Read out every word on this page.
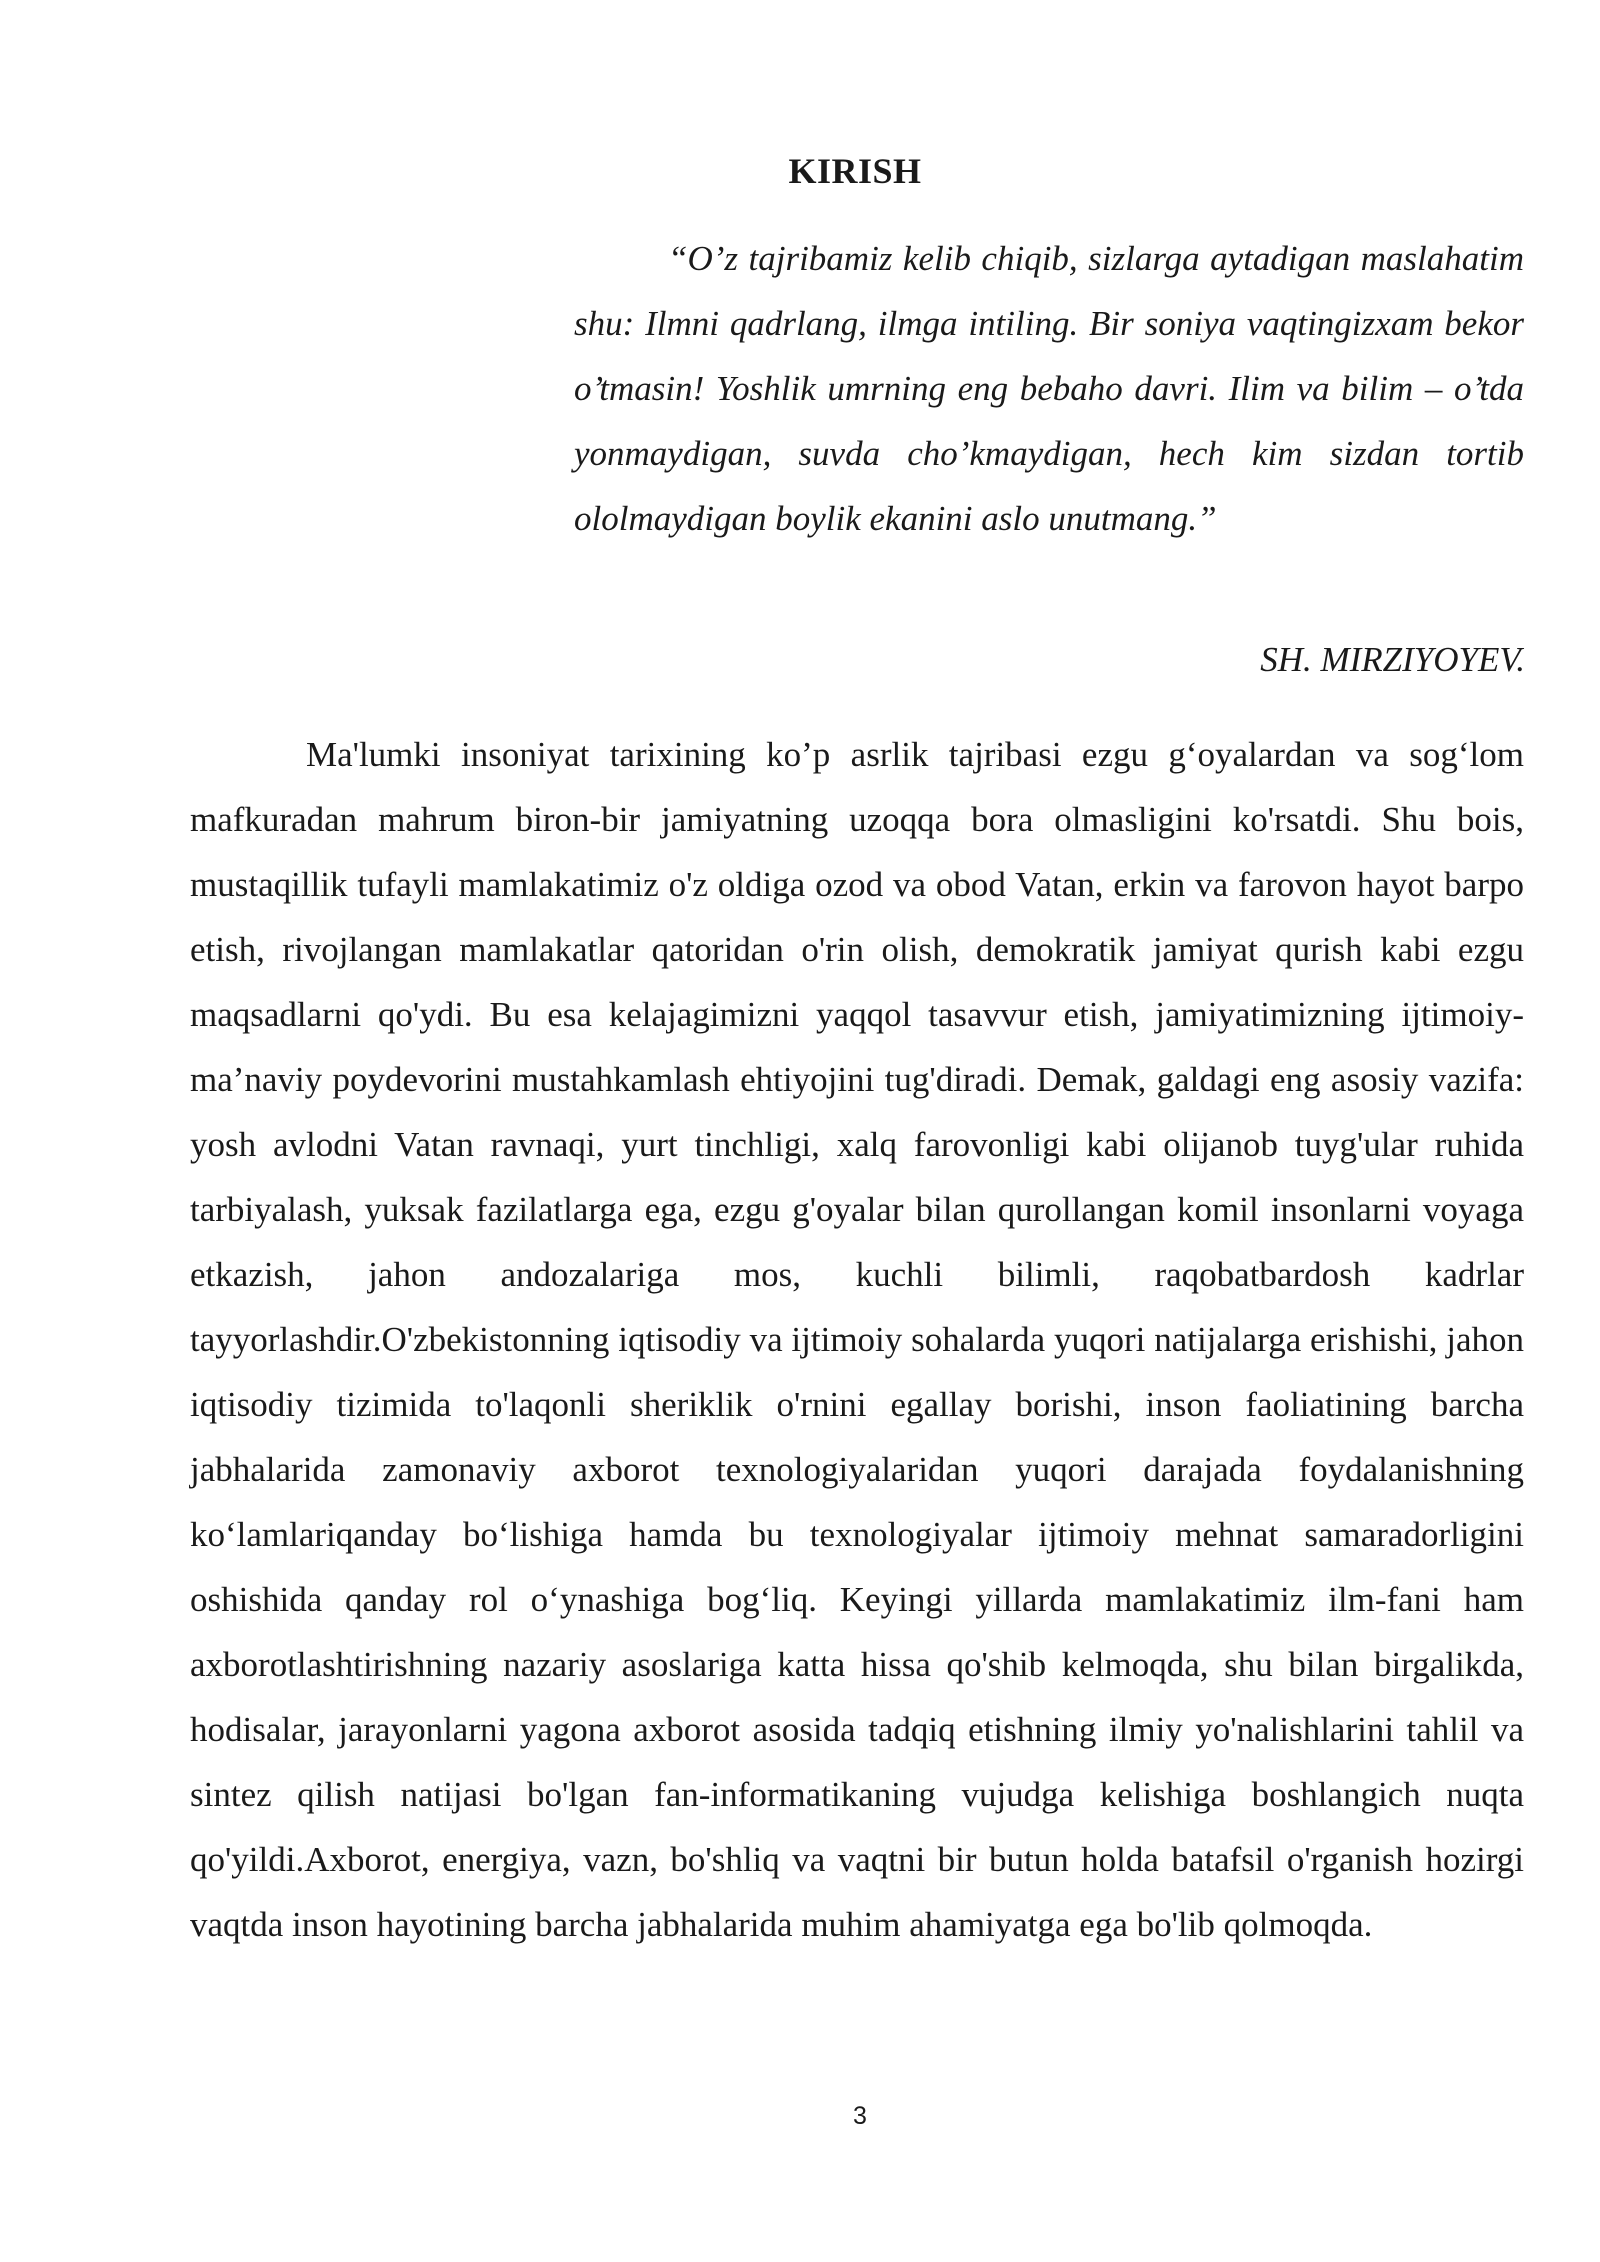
KIRISH

“O’z tajribamiz kelib chiqib, sizlarga aytadigan maslahatim shu: Ilmni qadrlang, ilmga intiling. Bir soniya vaqtingizxam bekor o’tmasin! Yoshlik umrning eng bebaho davri. Ilim va bilim – o’tda yonmaydigan, suvda cho’kmaydigan, hech kim sizdan tortib ololmaydigan boylik ekanini aslo unutmang.”

SH. MIRZIYOYEV.

Ma'lumki insoniyat tarixining ko’p asrlik tajribasi ezgu g‘oyalardan va sog‘lom mafkuradan mahrum biron-bir jamiyatning uzoqqa bora olmasligini ko'rsatdi. Shu bois, mustaqillik tufayli mamlakatimiz o'z oldiga ozod va obod Vatan, erkin va farovon hayot barpo etish, rivojlangan mamlakatlar qatoridan o'rin olish, demokratik jamiyat qurish kabi ezgu maqsadlarni qo'ydi. Bu esa kelajagimizni yaqqol tasavvur etish, jamiyatimizning ijtimoiy-ma’naviy poydevorini mustahkamlash ehtiyojini tug'diradi. Demak, galdagi eng asosiy vazifa: yosh avlodni Vatan ravnaqi, yurt tinchligi, xalq farovonligi kabi olijanob tuyg'ular ruhida tarbiyalash, yuksak fazilatlarga ega, ezgu g'oyalar bilan qurollangan komil insonlarni voyaga etkazish, jahon andozalariga mos, kuchli bilimli, raqobatbardosh kadrlar tayyorlashdir.O'zbekistonning iqtisodiy va ijtimoiy sohalarda yuqori natijalarga erishishi, jahon iqtisodiy tizimida to'laqonli sheriklik o'rnini egallay borishi, inson faoliatining barcha jabhalarida zamonaviy axborot texnologiyalaridan yuqori darajada foydalanishning ko‘lamlariqanday bo‘lishiga hamda bu texnologiyalar ijtimoiy mehnat samaradorligini oshishida qanday rol o‘ynashiga bog‘liq. Keyingi yillarda mamlakatimiz ilm-fani ham axborotlashtirishning nazariy asoslariga katta hissa qo'shib kelmoqda, shu bilan birgalikda, hodisalar, jarayonlarni yagona axborot asosida tadqiq etishning ilmiy yo'nalishlarini tahlil va sintez qilish natijasi bo'lgan fan-informatikaning vujudga kelishiga boshlangich nuqta qo'yildi.Axborot, energiya, vazn, bo'shliq va vaqtni bir butun holda batafsil o'rganish hozirgi vaqtda inson hayotining barcha jabhalarida muhim ahamiyatga ega bo'lib qolmoqda.

3
